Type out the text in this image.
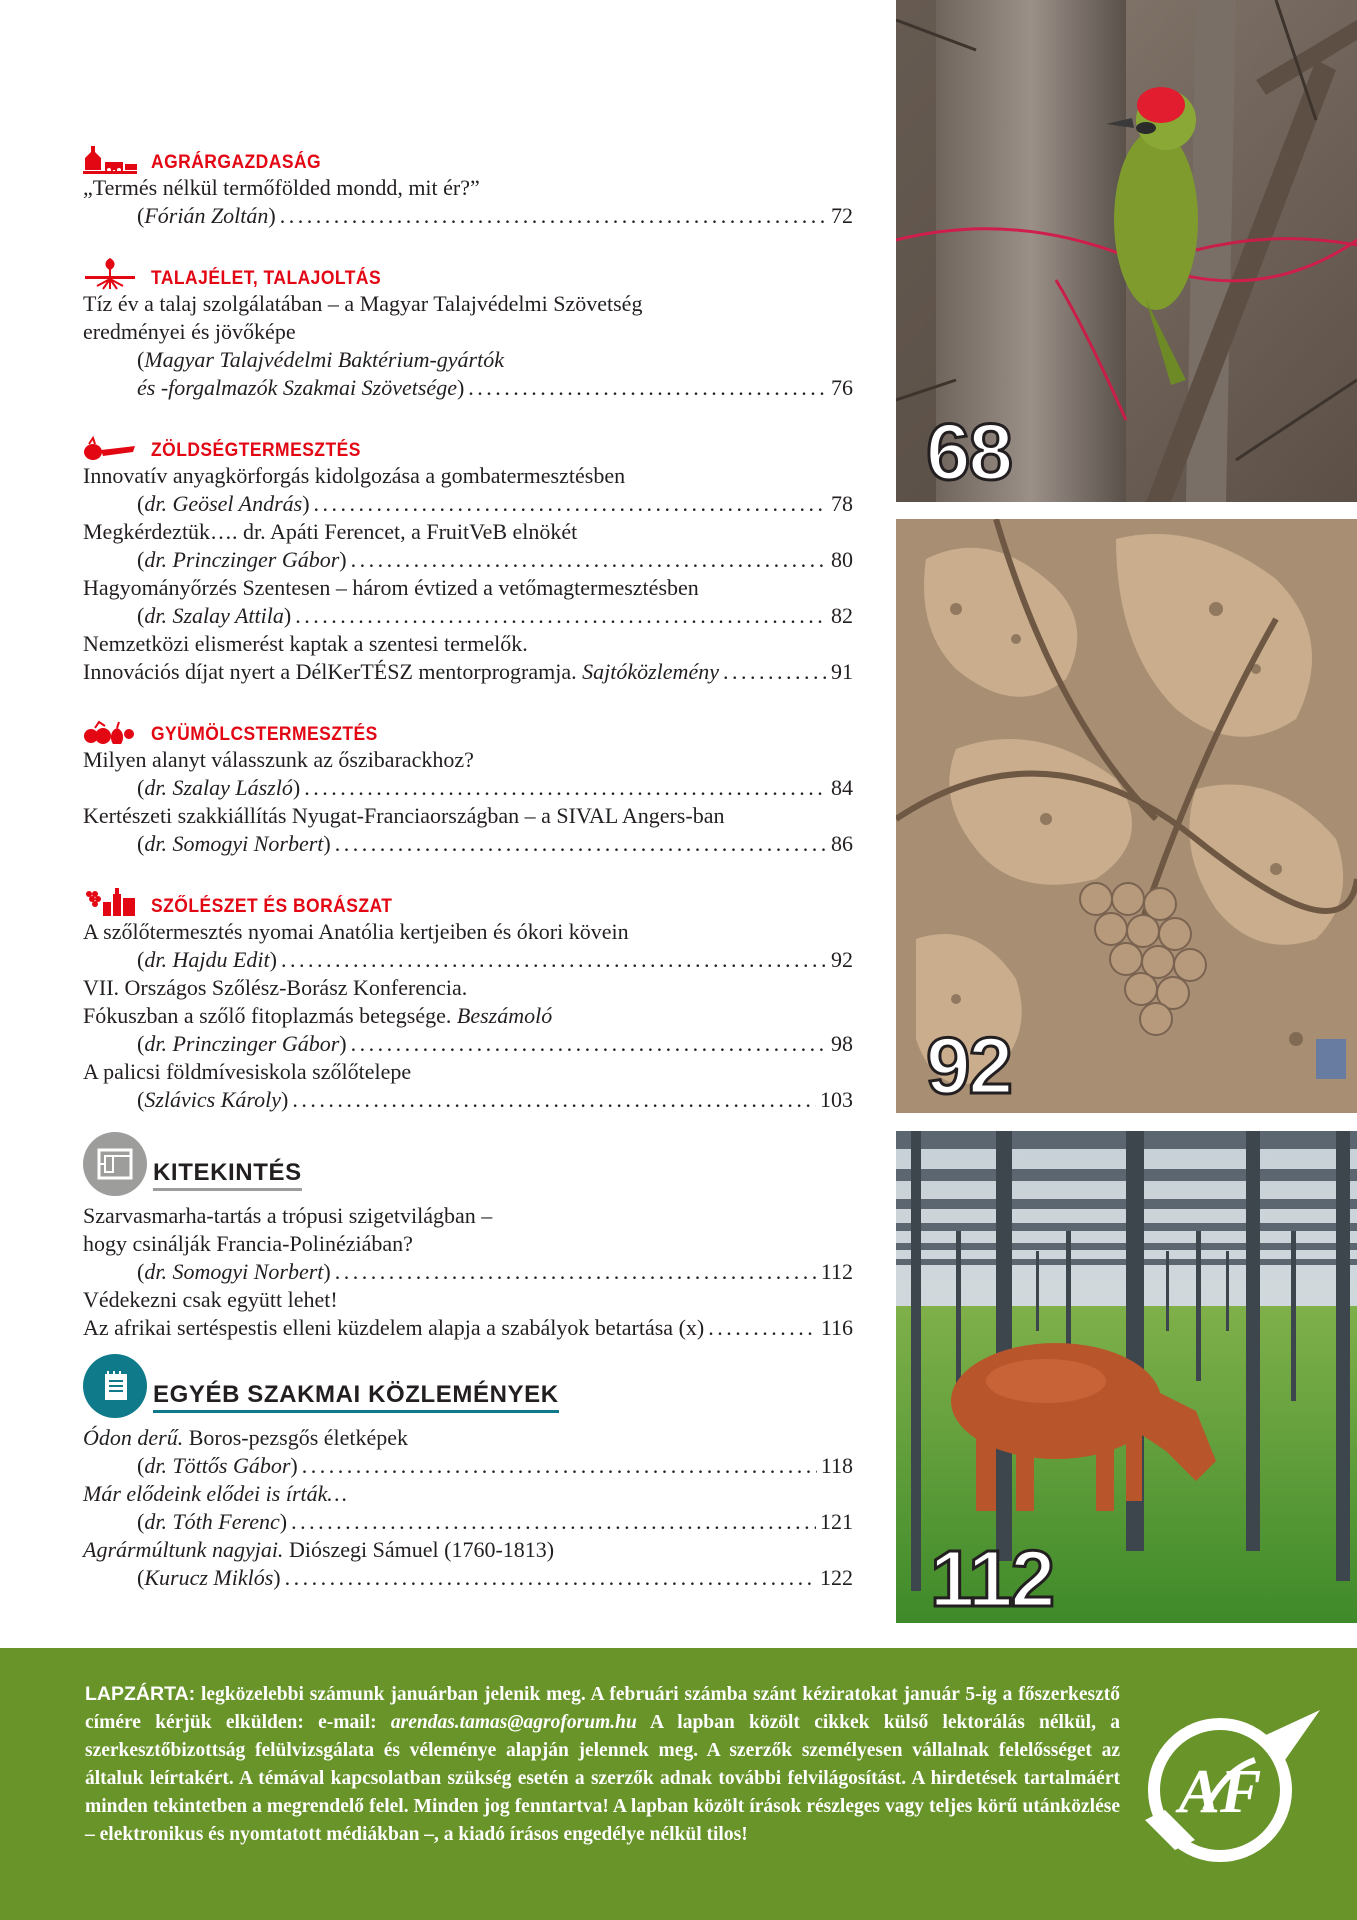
AGRÁRGAZDASÁG
„Termés nélkül termőfölded mondd, mit ér?”
(Fórián Zoltán) . . .	72
TALAJÉLET, TALAJOLTÁS
Tíz év a talaj szolgálatában – a Magyar Talajvédelmi Szövetség
eredményei és jövőképe
(Magyar Talajvédelmi Baktérium-gyártók
és -forgalmazók Szakmai Szövetsége) . . .	76
ZÖLDSÉGTERMESZTÉS
Innovatív anyagkörforgás kidolgozása a gombatermesztésben
(dr. Geösel András) . . .	78
Megkérdeztük…. dr. Apáti Ferencet, a FruitVeB elnökét
(dr. Princzinger Gábor) . . .	80
Hagyományőrzés Szentesen – három évtized a vetőmagtermesztésben
(dr. Szalay Attila) . . .	82
Nemzetközi elismerést kaptak a szentesi termelők.
Innovációs díjat nyert a DélKerTÉSZ mentorprogramja.
Sajtóközlemény . . .	91
GYÜMÖLCSTERMESZTÉS
Milyen alanyt válasszunk az őszibarackhoz?
(dr. Szalay László) . . .	84
Kertészeti szakkiállítás Nyugat-Franciaországban – a SIVAL Angers-ban
(dr. Somogyi Norbert) . . .	86
SZŐLÉSZET ÉS BORÁSZAT
A szőlőtermesztés nyomai Anatólia kertjeiben és ókori kövein
(dr. Hajdu Edit) . . .	92
VII. Országos Szőlész-Borász Konferencia.
Fókuszban a szőlő fitoplazmás betegsége. Beszámoló
(dr. Princzinger Gábor) . . .	98
A palicsi földmívesiskola szőlőtelepe
(Szlávics Károly) . . .	103
KITEKINTÉS
Szarvasmarha-tartás a trópusi szigetvilágban –
hogy csinálják Francia-Polinéziában?
(dr. Somogyi Norbert) . . .	112
Védekezni csak együtt lehet!
Az afrikai sertéspestis elleni küzdelem alapja a szabályok betartása (x) . . .	116
EGYÉB SZAKMAI KÖZLEMÉNYEK
Ódon derű. Boros-pezsgős életképek
(dr. Töttős Gábor) . . .	118
Már elődeink elődei is írták…
(dr. Tóth Ferenc) . . .	121
Agrármúltunk nagyjai. Diószegi Sámuel (1760-1813)
(Kurucz Miklós) . . .	122
68
92
112
LAPZÁRTA: legközelebbi számunk januárban jelenik meg. A februári számba szánt kéziratokat január 5-ig a főszerkesztő címére kérjük elkülden: e-mail: arendas.tamas@agroforum.hu A lapban közölt cikkek külső lektorálás nélkül, a szerkesztőbizottság felülvizsgálata és véleménye alapján jelennek meg. A szerzők személyesen vállalnak felelősséget az általuk leírtakért. A témával kapcsolatban szükség esetén a szerzők adnak további felvilágosítást. A hirdetések tartalmáért minden tekintetben a megrendelő felel. Minden jog fenntartva! A lapban közölt írások részleges vagy teljes körű utánközlése – elektronikus és nyomtatott médiákban –, a kiadó írásos engedélye nélkül tilos!
AF
